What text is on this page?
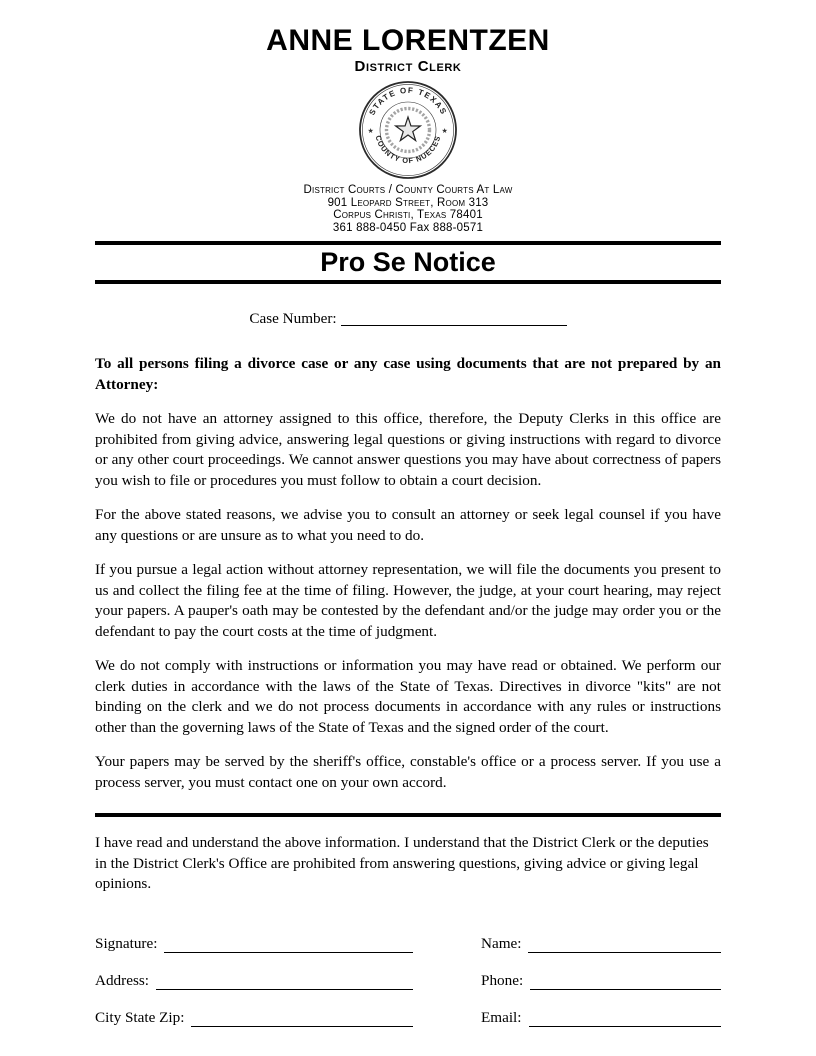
ANNE LORENTZEN
District Clerk
STATE OF TEXAS
COUNTY OF NUECES
★	★
District Courts / County Courts At Law
901 Leopard Street, Room 313
Corpus Christi, Texas 78401
361 888-0450 Fax 888-0571
Pro Se Notice
Case Number:

To all persons filing a divorce case or any case using documents that are not prepared by an Attorney:

We do not have an attorney assigned to this office, therefore, the Deputy Clerks in this office are prohibited from giving advice, answering legal questions or giving instructions with regard to divorce or any other court proceedings. We cannot answer questions you may have about correctness of papers you wish to file or procedures you must follow to obtain a court decision.

For the above stated reasons, we advise you to consult an attorney or seek legal counsel if you have any questions or are unsure as to what you need to do.

If you pursue a legal action without attorney representation, we will file the documents you present to us and collect the filing fee at the time of filing. However, the judge, at your court hearing, may reject your papers. A pauper's oath may be contested by the defendant and/or the judge may order you or the defendant to pay the court costs at the time of judgment.

We do not comply with instructions or information you may have read or obtained. We perform our clerk duties in accordance with the laws of the State of Texas. Directives in divorce "kits" are not binding on the clerk and we do not process documents in accordance with any rules or instructions other than the governing laws of the State of Texas and the signed order of the court.

Your papers may be served by the sheriff's office, constable's office or a process server. If you use a process server, you must contact one on your own accord.

I have read and understand the above information. I understand that the District Clerk or the deputies in the District Clerk's Office are prohibited from answering questions, giving advice or giving legal opinions.

Signature:
Address:
City State Zip:
Name:
Phone:
Email:
